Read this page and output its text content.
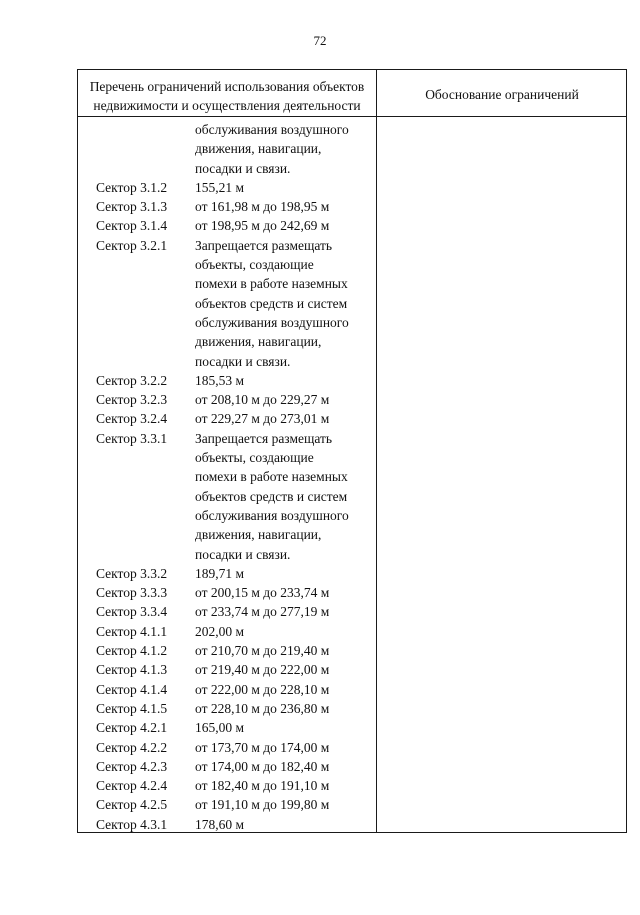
72
Перечень ограничений использования объектов
недвижимости и осуществления деятельности
Обоснование ограничений
обслуживания воздушного
движения, навигации,
посадки и связи.
Сектор 3.1.2	155,21 м
Сектор 3.1.3	от 161,98 м до 198,95 м
Сектор 3.1.4	от 198,95 м до 242,69 м
Сектор 3.2.1	Запрещается размещать
объекты, создающие
помехи в работе наземных
объектов средств и систем
обслуживания воздушного
движения, навигации,
посадки и связи.
Сектор 3.2.2	185,53 м
Сектор 3.2.3	от 208,10 м до 229,27 м
Сектор 3.2.4	от 229,27 м до 273,01 м
Сектор 3.3.1	Запрещается размещать
объекты, создающие
помехи в работе наземных
объектов средств и систем
обслуживания воздушного
движения, навигации,
посадки и связи.
Сектор 3.3.2	189,71 м
Сектор 3.3.3	от 200,15 м до 233,74 м
Сектор 3.3.4	от 233,74 м до 277,19 м
Сектор 4.1.1	202,00 м
Сектор 4.1.2	от 210,70 м до 219,40 м
Сектор 4.1.3	от 219,40 м до 222,00 м
Сектор 4.1.4	от 222,00 м до 228,10 м
Сектор 4.1.5	от 228,10 м до 236,80 м
Сектор 4.2.1	165,00 м
Сектор 4.2.2	от 173,70 м до 174,00 м
Сектор 4.2.3	от 174,00 м до 182,40 м
Сектор 4.2.4	от 182,40 м до 191,10 м
Сектор 4.2.5	от 191,10 м до 199,80 м
Сектор 4.3.1	178,60 м
